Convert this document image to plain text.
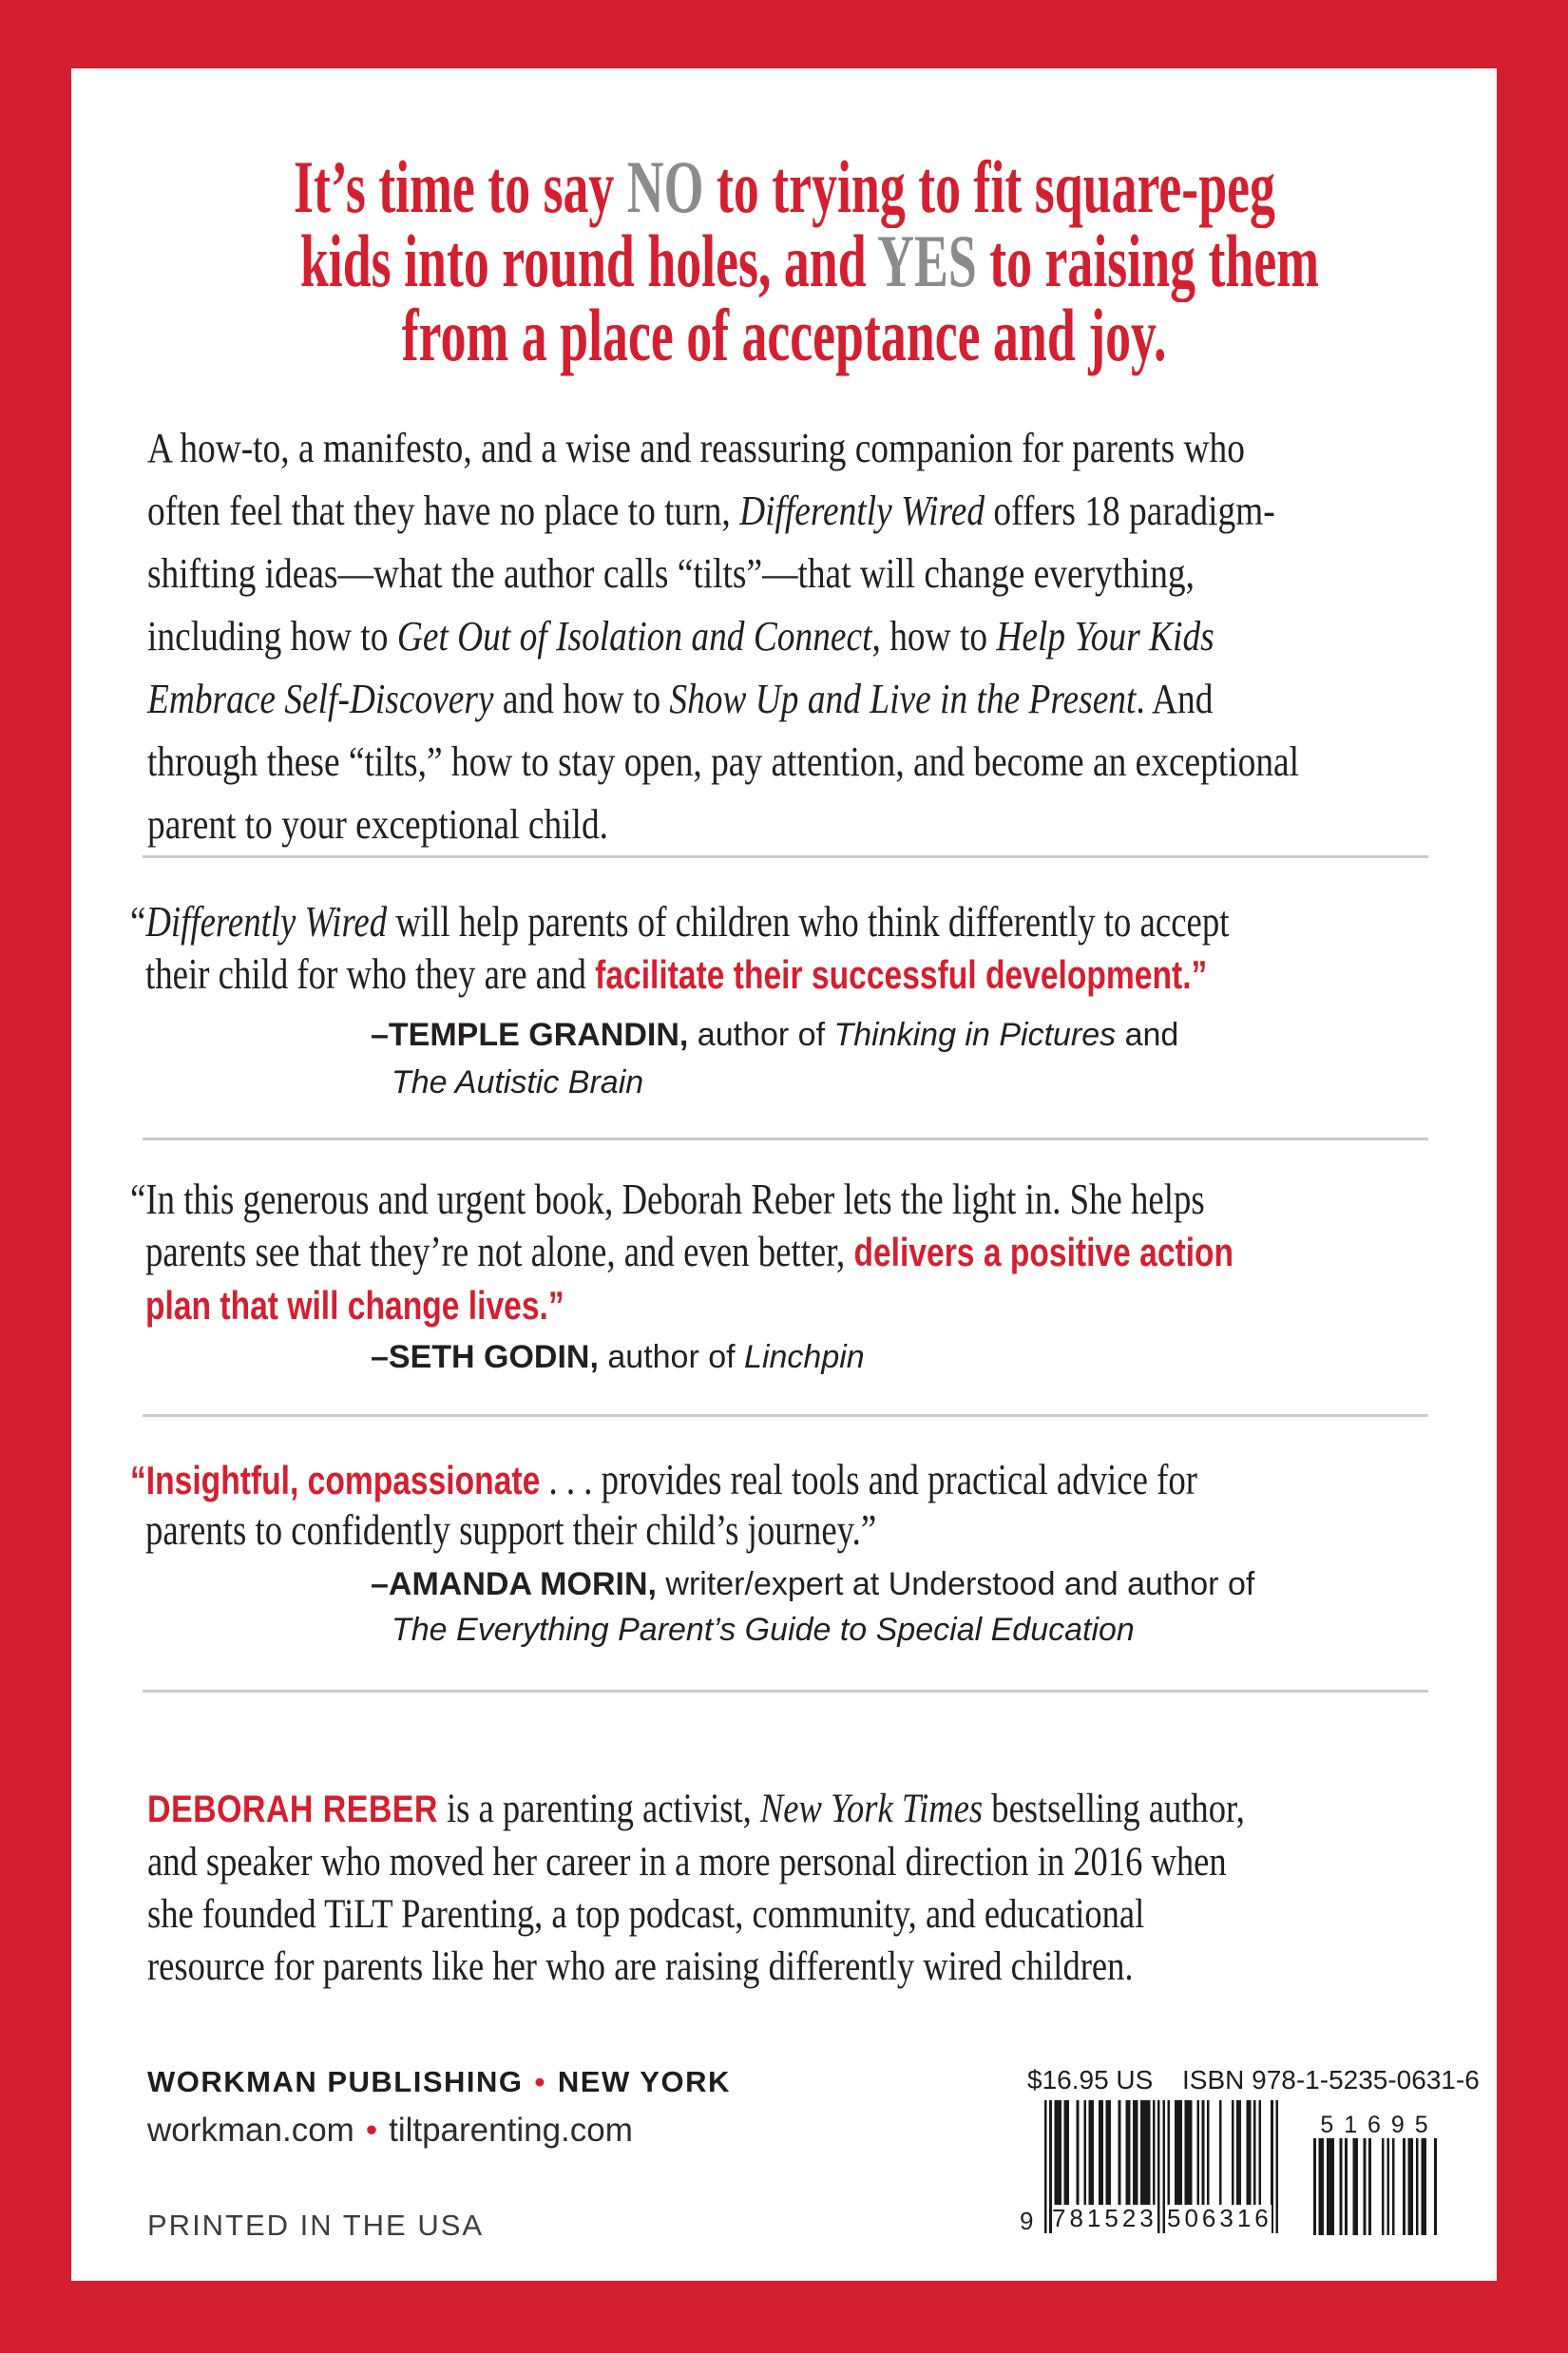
It’s time to say NO to trying to fit square-peg
kids into round holes, and YES to raising them
from a place of acceptance and joy.
A how-to, a manifesto, and a wise and reassuring companion for parents who
often feel that they have no place to turn, Differently Wired offers 18 paradigm-
shifting ideas—what the author calls “tilts”—that will change everything,
including how to Get Out of Isolation and Connect, how to Help Your Kids
Embrace Self-Discovery and how to Show Up and Live in the Present. And
through these “tilts,” how to stay open, pay attention, and become an exceptional
parent to your exceptional child.
“Differently Wired will help parents of children who think differently to accept
their child for who they are and facilitate their successful development.”
–TEMPLE GRANDIN, author of Thinking in Pictures and
The Autistic Brain
“In this generous and urgent book, Deborah Reber lets the light in. She helps
parents see that they’re not alone, and even better, delivers a positive action
plan that will change lives.”
–SETH GODIN, author of Linchpin
“Insightful, compassionate . . . provides real tools and practical advice for
parents to confidently support their child’s journey.”
–AMANDA MORIN, writer/expert at Understood and author of
The Everything Parent’s Guide to Special Education
DEBORAH REBER is a parenting activist, New York Times bestselling author,
and speaker who moved her career in a more personal direction in 2016 when
she founded TiLT Parenting, a top podcast, community, and educational
resource for parents like her who are raising differently wired children.
WORKMAN PUBLISHING • NEW YORK
workman.com • tiltparenting.com
PRINTED IN THE USA
$16.95 US ISBN 978-1-5235-0631-6
9 781523 506316
5 1 6 9 5
